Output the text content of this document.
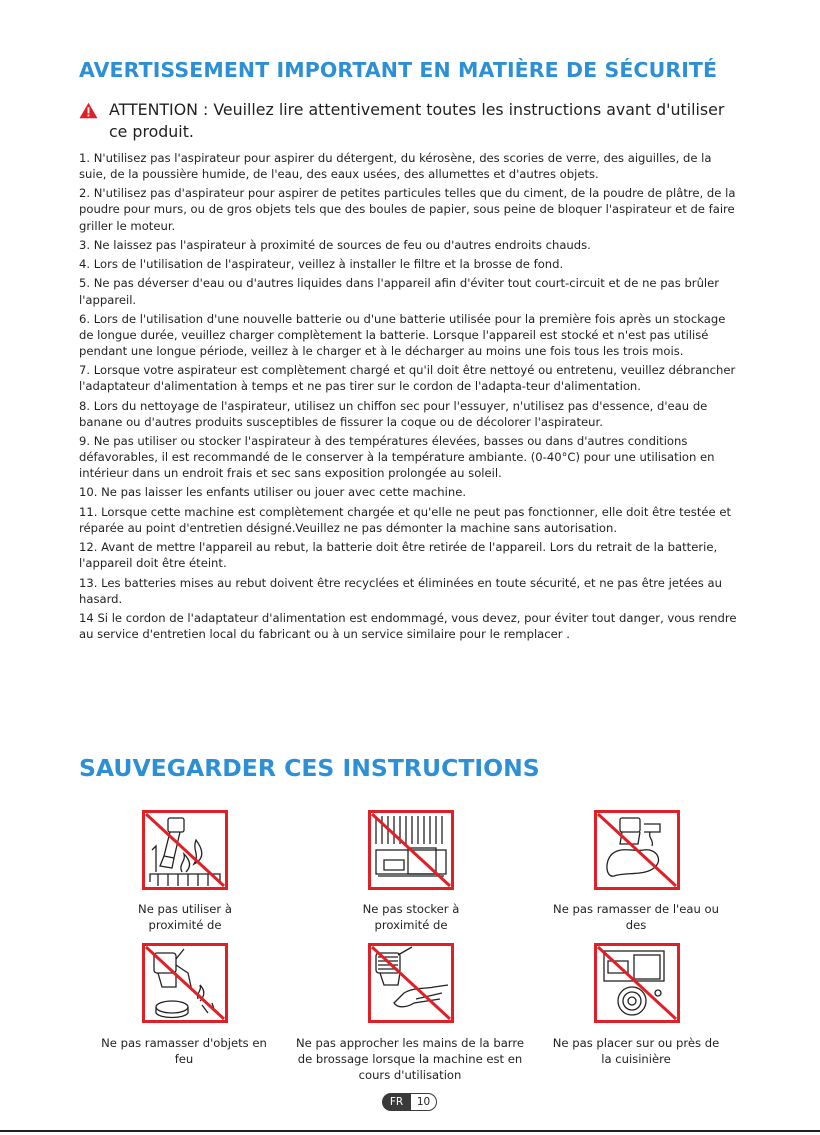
AVERTISSEMENT IMPORTANT EN MATIÈRE DE SÉCURITÉ
ATTENTION : Veuillez lire attentivement toutes les instructions avant d'utiliser ce produit.

1. N'utilisez pas l'aspirateur pour aspirer du détergent, du kérosène, des scories de verre, des aiguilles, de la suie, de la poussière humide, de l'eau, des eaux usées, des allumettes et d'autres objets.

2. N'utilisez pas d'aspirateur pour aspirer de petites particules telles que du ciment, de la poudre de plâtre, de la poudre pour murs, ou de gros objets tels que des boules de papier, sous peine de bloquer l'aspirateur et de faire griller le moteur.

3. Ne laissez pas l'aspirateur à proximité de sources de feu ou d'autres endroits chauds.

4. Lors de l'utilisation de l'aspirateur, veillez à installer le filtre et la brosse de fond.

5. Ne pas déverser d'eau ou d'autres liquides dans l'appareil afin d'éviter tout court-circuit et de ne pas brûler l'appareil.

6. Lors de l'utilisation d'une nouvelle batterie ou d'une batterie utilisée pour la première fois après un stockage de longue durée, veuillez charger complètement la batterie. Lorsque l'appareil est stocké et n'est pas utilisé pendant une longue période, veillez à le charger et à le décharger au moins une fois tous les trois mois.

7. Lorsque votre aspirateur est complètement chargé et qu'il doit être nettoyé ou entretenu, veuillez débrancher l'adaptateur d'alimentation à temps et ne pas tirer sur le cordon de l'adapta-teur d'alimentation.

8. Lors du nettoyage de l'aspirateur, utilisez un chiffon sec pour l'essuyer, n'utilisez pas d'essence, d'eau de banane ou d'autres produits susceptibles de fissurer la coque ou de décolorer l'aspirateur.

9. Ne pas utiliser ou stocker l'aspirateur à des températures élevées, basses ou dans d'autres conditions défavorables, il est recommandé de le conserver à la température ambiante. (0-40°C) pour une utilisation en intérieur dans un endroit frais et sec sans exposition prolongée au soleil.

10. Ne pas laisser les enfants utiliser ou jouer avec cette machine.

11. Lorsque cette machine est complètement chargée et qu'elle ne peut pas fonctionner, elle doit être testée et réparée au point d'entretien désigné.Veuillez ne pas démonter la machine sans autorisation.

12. Avant de mettre l'appareil au rebut, la batterie doit être retirée de l'appareil. Lors du retrait de la batterie, l'appareil doit être éteint.

13. Les batteries mises au rebut doivent être recyclées et éliminées en toute sécurité, et ne pas être jetées au hasard.

14 Si le cordon de l'adaptateur d'alimentation est endommagé, vous devez, pour éviter tout danger, vous rendre au service d'entretien local du fabricant ou à un service similaire pour le remplacer .

SAUVEGARDER CES INSTRUCTIONS
Ne pas utiliser à proximité de
Ne pas stocker à proximité de
Ne pas ramasser de l'eau ou des
Ne pas ramasser d'objets en feu
Ne pas approcher les mains de la barre de brossage lorsque la machine est en cours d'utilisation
Ne pas placer sur ou près de la cuisinière
FR	10
